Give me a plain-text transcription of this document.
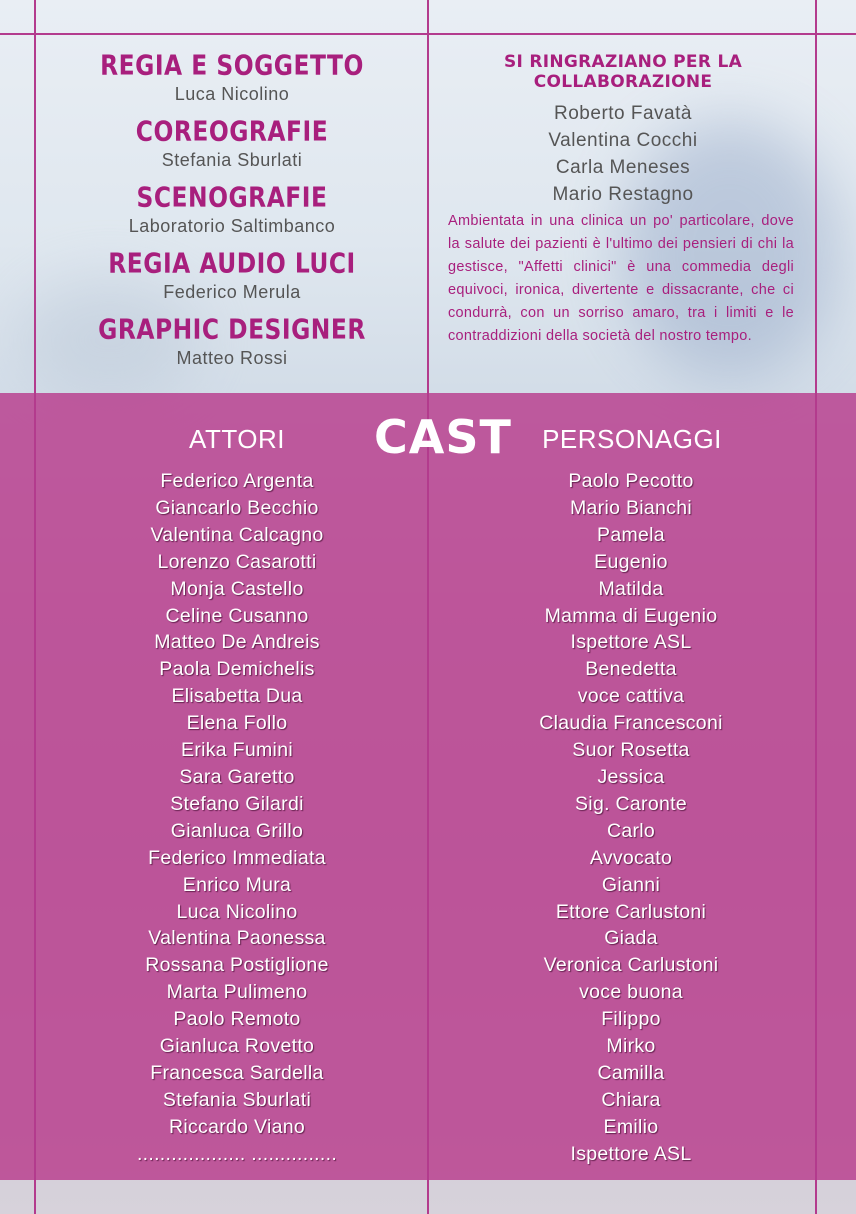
REGIA E SOGGETTO
Luca Nicolino
COREOGRAFIE
Stefania Sburlati
SCENOGRAFIE
Laboratorio Saltimbanco
REGIA AUDIO LUCI
Federico Merula
GRAPHIC DESIGNER
Matteo Rossi
SI RINGRAZIANO PER LA COLLABORAZIONE
Roberto Favatà
Valentina Cocchi
Carla Meneses
Mario Restagno
Ambientata in una clinica un po' particolare, dove la salute dei pazienti è l'ultimo dei pensieri di chi la gestisce, "Affetti clinici" è una commedia degli equivoci, ironica, divertente e dissacrante, che ci condurrà, con un sorriso amaro, tra i limiti e le contraddizioni della società del nostro tempo.
CAST
ATTORI	PERSONAGGI
Federico Argenta
Giancarlo Becchio
Valentina Calcagno
Lorenzo Casarotti
Monja Castello
Celine Cusanno
Matteo De Andreis
Paola Demichelis
Elisabetta Dua
Elena Follo
Erika Fumini
Sara Garetto
Stefano Gilardi
Gianluca Grillo
Federico Immediata
Enrico Mura
Luca Nicolino
Valentina Paonessa
Rossana Postiglione
Marta Pulimeno
Paolo Remoto
Gianluca Rovetto
Francesca Sardella
Stefania Sburlati
Riccardo Viano
................... ...............
Paolo Pecotto
Mario Bianchi
Pamela
Eugenio
Matilda
Mamma di Eugenio
Ispettore ASL
Benedetta
voce cattiva
Claudia Francesconi
Suor Rosetta
Jessica
Sig. Caronte
Carlo
Avvocato
Gianni
Ettore Carlustoni
Giada
Veronica Carlustoni
voce buona
Filippo
Mirko
Camilla
Chiara
Emilio
Ispettore ASL
